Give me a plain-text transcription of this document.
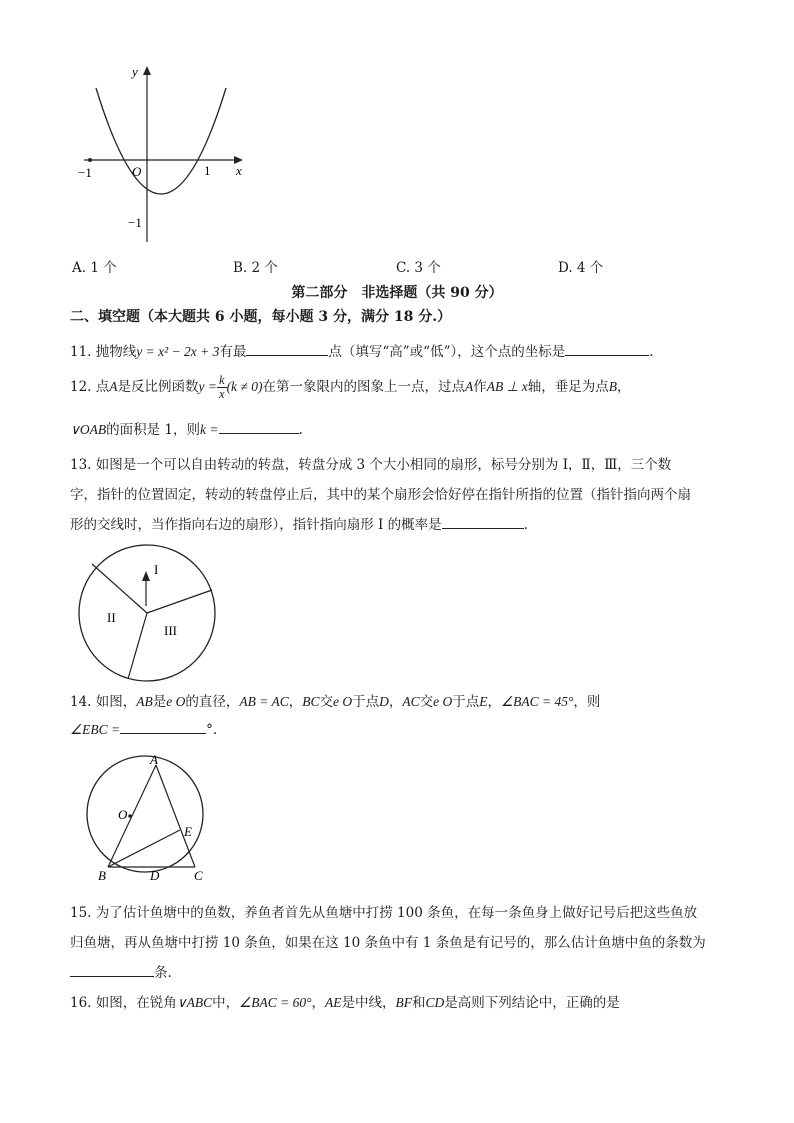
y
x
O
−1	1
−1
A. 1 个	B. 2 个	C. 3 个	D. 4 个
第二部分　非选择题（共 90 分）
二、填空题（本大题共 6 小题，每小题 3 分，满分 18 分.）
11. 抛物线y = x² − 2x + 3有最	点（填写“高”或“低”），这个点的坐标是	.
12. 点A是反比例函数$y = \frac{k}{x} (k \ne 0)$在第一象限内的图象上一点，过点A作AB ⊥ x轴，垂足为点B，
∨OAB的面积是 1，则k =	.
13. 如图是一个可以自由转动的转盘，转盘分成 3 个大小相同的扇形，标号分别为 Ⅰ，Ⅱ，Ⅲ，三个数
字，指针的位置固定，转动的转盘停止后，其中的某个扇形会恰好停在指针所指的位置（指针指向两个扇
形的交线时，当作指向右边的扇形），指针指向扇形 Ⅰ 的概率是	.
I
II
III
14. 如图，AB是e O的直径，AB = AC，BC交e O于点D，AC交e O于点E，∠BAC = 45°，则
∠EBC =	°.
A
O
E
B	D	C
15. 为了估计鱼塘中的鱼数，养鱼者首先从鱼塘中打捞 100 条鱼，在每一条鱼身上做好记号后把这些鱼放
归鱼塘，再从鱼塘中打捞 10 条鱼，如果在这 10 条鱼中有 1 条鱼是有记号的，那么估计鱼塘中鱼的条数为
条.
16. 如图，在锐角∨ABC中，∠BAC = 60°，AE是中线，BF和CD是高则下列结论中，正确的是
